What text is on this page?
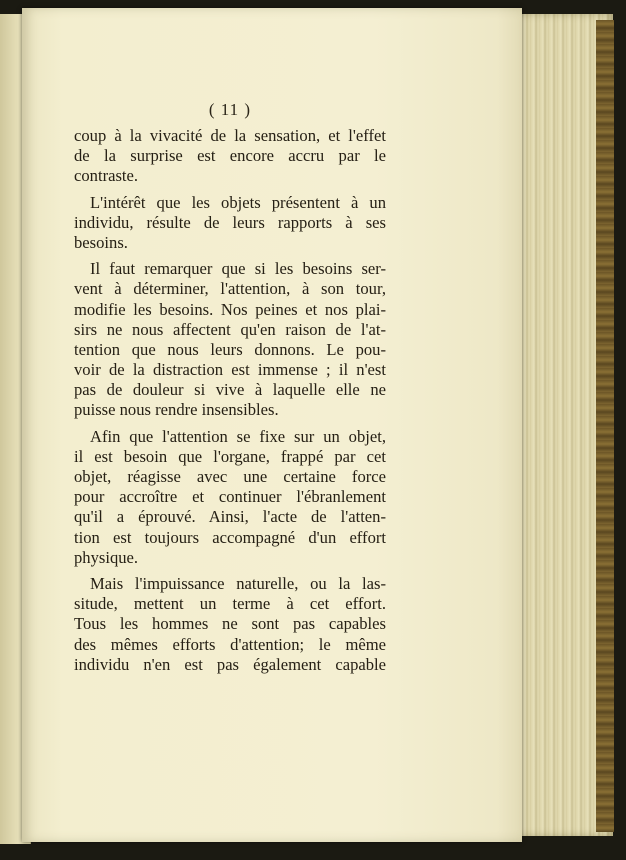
( 11 )
coup à la vivacité de la sensation, et l'effet
de la surprise est encore accru par le
contraste.
L'intérêt que les objets présentent à un
individu, résulte de leurs rapports à ses
besoins.
Il faut remarquer que si les besoins ser-
vent à déterminer, l'attention, à son tour,
modifie les besoins. Nos peines et nos plai-
sirs ne nous affectent qu'en raison de l'at-
tention que nous leurs donnons. Le pou-
voir de la distraction est immense ; il n'est
pas de douleur si vive à laquelle elle ne
puisse nous rendre insensibles.
Afin que l'attention se fixe sur un objet,
il est besoin que l'organe, frappé par cet
objet, réagisse avec une certaine force
pour accroître et continuer l'ébranlement
qu'il a éprouvé. Ainsi, l'acte de l'atten-
tion est toujours accompagné d'un effort
physique.
Mais l'impuissance naturelle, ou la las-
situde, mettent un terme à cet effort.
Tous les hommes ne sont pas capables
des mêmes efforts d'attention; le même
individu n'en est pas également capable
